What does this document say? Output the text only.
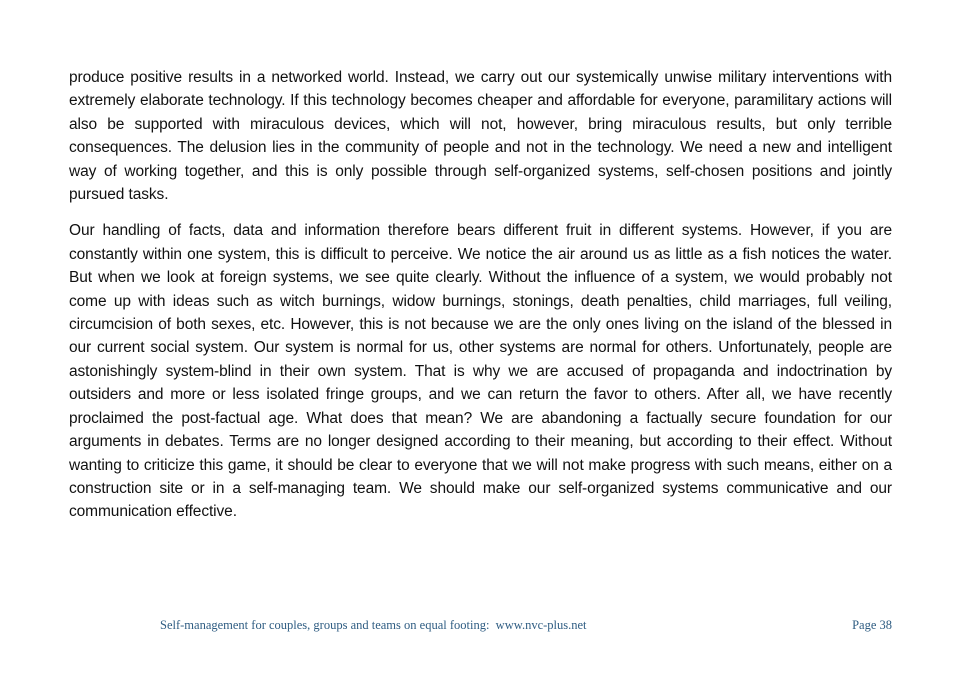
produce positive results in a networked world. Instead, we carry out our systemically unwise military interventions with extremely elaborate technology. If this technology becomes cheaper and affordable for everyone, paramilitary actions will also be supported with miraculous devices, which will not, however, bring miraculous results, but only terrible consequences. The delusion lies in the community of people and not in the technology. We need a new and intelligent way of working together, and this is only possible through self-organized systems, self-chosen positions and jointly pursued tasks.

Our handling of facts, data and information therefore bears different fruit in different systems. However, if you are constantly within one system, this is difficult to perceive. We notice the air around us as little as a fish notices the water. But when we look at foreign systems, we see quite clearly. Without the influence of a system, we would probably not come up with ideas such as witch burnings, widow burnings, stonings, death penalties, child marriages, full veiling, circumcision of both sexes, etc. However, this is not because we are the only ones living on the island of the blessed in our current social system. Our system is normal for us, other systems are normal for others. Unfortunately, people are astonishingly system-blind in their own system. That is why we are accused of propaganda and indoctrination by outsiders and more or less isolated fringe groups, and we can return the favor to others. After all, we have recently proclaimed the post-factual age. What does that mean? We are abandoning a factually secure foundation for our arguments in debates. Terms are no longer designed according to their meaning, but according to their effect. Without wanting to criticize this game, it should be clear to everyone that we will not make progress with such means, either on a construction site or in a self-managing team. We should make our self-organized systems communicative and our communication effective.

Self-management for couples, groups and teams on equal footing:  www.nvc-plus.net	Page 38
